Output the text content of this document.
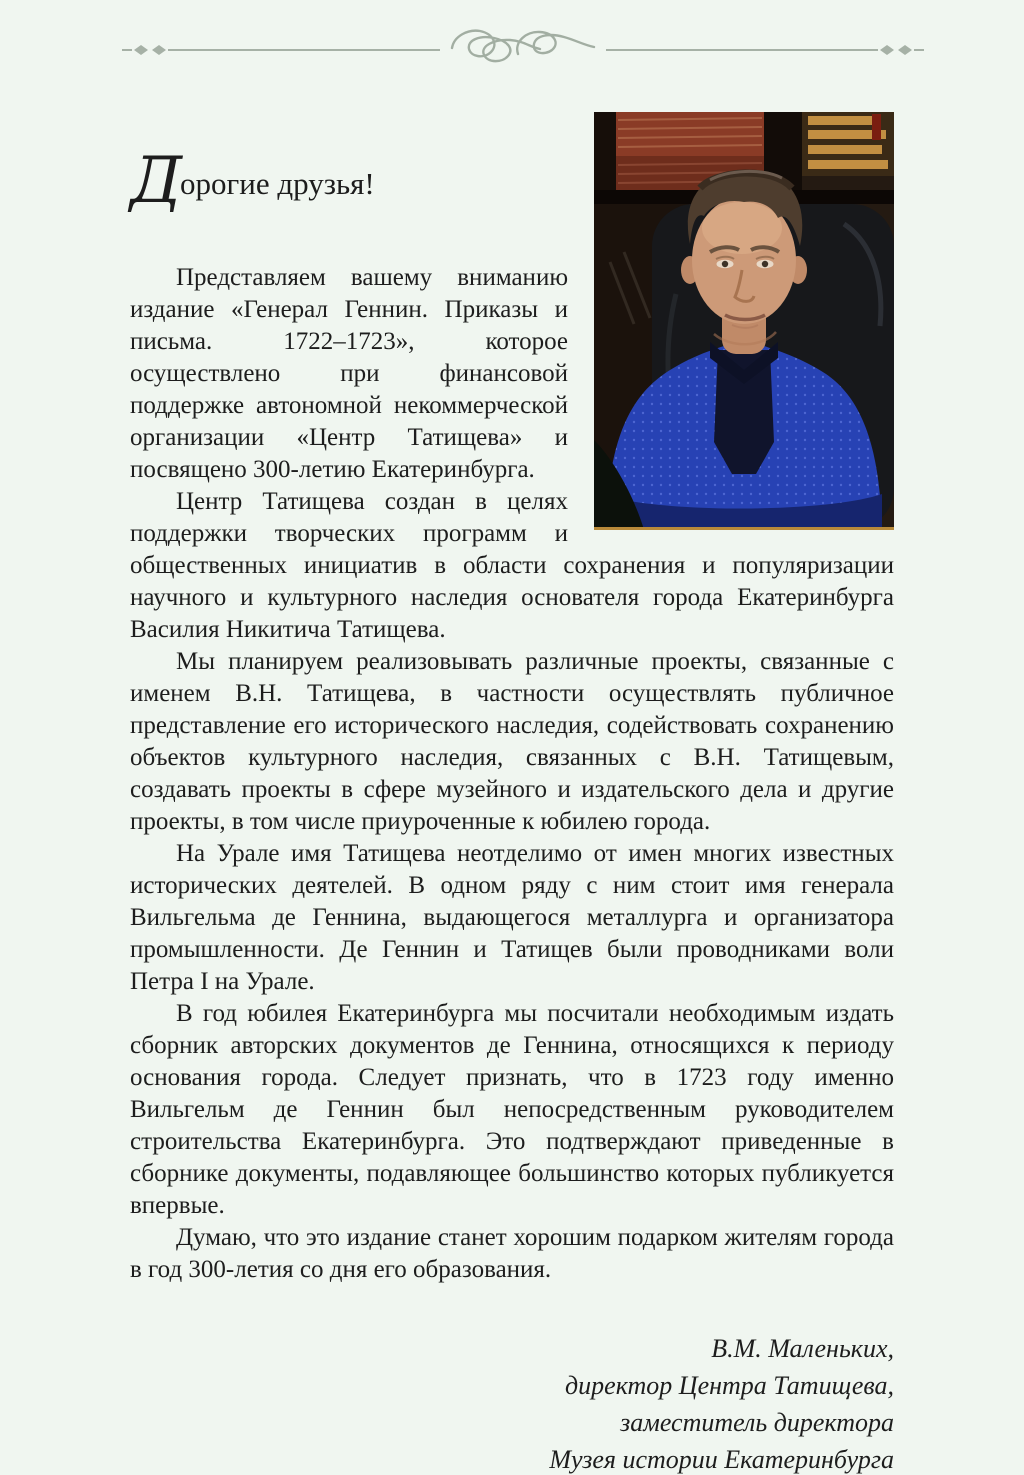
Дорогие друзья!

Представляем вашему вниманию издание «Генерал Геннин. Приказы и письма. 1722–1723», которое осуществлено при финансовой поддержке автономной некоммерческой организации «Центр Татищева» и посвящено 300-летию Екатеринбурга.

Центр Татищева создан в целях поддержки творческих программ и общественных инициатив в области сохранения и популяризации научного и культурного наследия основателя города Екатеринбурга Василия Никитича Татищева.

Мы планируем реализовывать различные проекты, связанные с именем В.Н. Татищева, в частности осуществлять публичное представление его исторического наследия, содействовать сохранению объектов культурного наследия, связанных с В.Н. Татищевым, создавать проекты в сфере музейного и издательского дела и другие проекты, в том числе приуроченные к юбилею города.

На Урале имя Татищева неотделимо от имен многих известных исторических деятелей. В одном ряду с ним стоит имя генерала Вильгельма де Геннина, выдающегося металлурга и организатора промышленности. Де Геннин и Татищев были проводниками воли Петра I на Урале.

В год юбилея Екатеринбурга мы посчитали необходимым издать сборник авторских документов де Геннина, относящихся к периоду основания города. Следует признать, что в 1723 году именно Вильгельм де Геннин был непосредственным руководителем строительства Екатеринбурга. Это подтверждают приведенные в сборнике документы, подавляющее большинство которых публикуется впервые.

Думаю, что это издание станет хорошим подарком жителям города в год 300-летия со дня его образования.

В.М. Маленьких,
директор Центра Татищева,
заместитель директора
Музея истории Екатеринбурга
